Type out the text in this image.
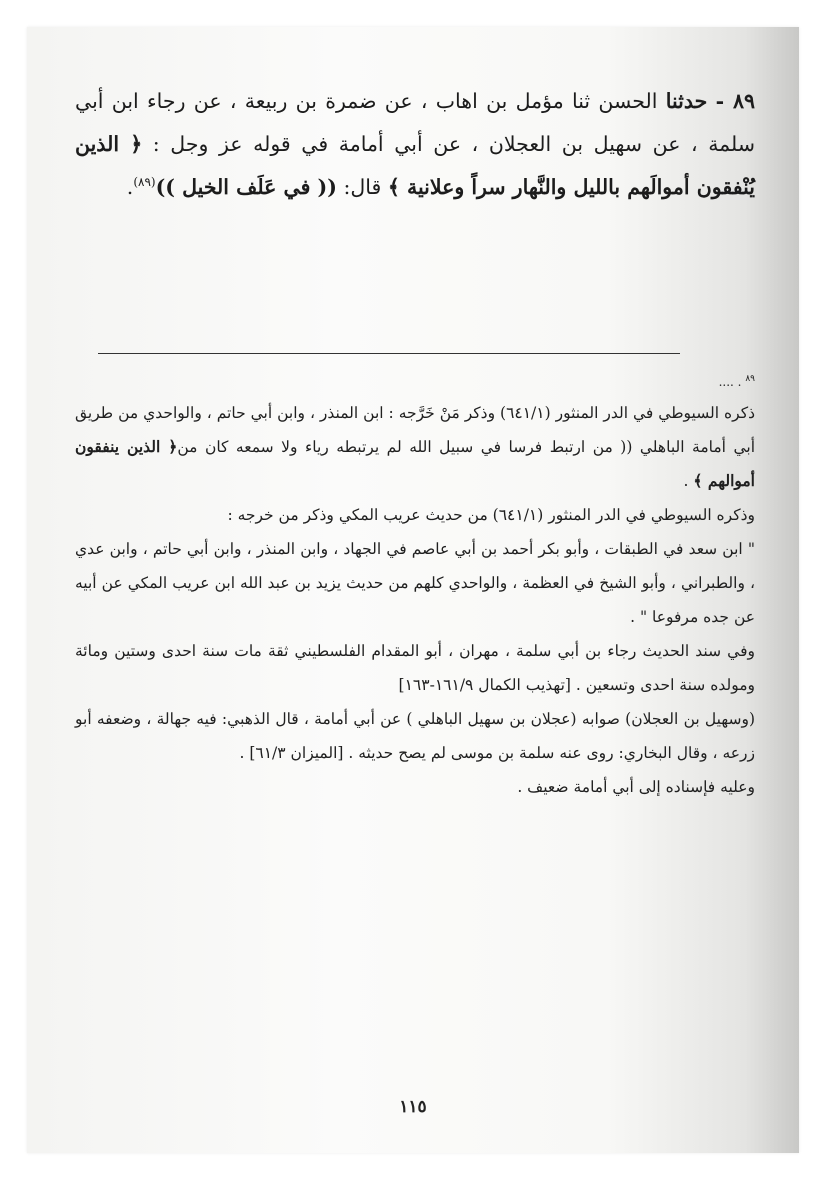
٨٩ - حدثنا الحسن ثنا مؤمل بن اهاب ، عن ضمرة بن ربيعة ، عن رجاء ابن أبي سلمة ، عن سهيل بن العجلان ، عن أبي أمامة في قوله عز وجل : ﴿ الذين يُنْفقون أموالَهم بالليل والنَّهار سراً وعلانية ﴾ قال: (( في عَلَف الخيل ))$^{(٨٩)}$.

$^{٨٩}$ . ....

ذكره السيوطي في الدر المنثور (٦٤١/١) وذكر مَنْ خَرَّجه : ابن المنذر ، وابن أبي حاتم ، والواحدي من طريق أبي أمامة الباهلي (( من ارتبط فرسا في سبيل الله لم يرتبطه رياء ولا سمعه كان من﴿ الذين ينفقون أموالهم ﴾ .

وذكره السيوطي في الدر المنثور (٦٤١/١) من حديث عريب المكي وذكر من خرجه :

" ابن سعد في الطبقات ، وأبو بكر أحمد بن أبي عاصم في الجهاد ، وابن المنذر ، وابن أبي حاتم ، وابن عدي ، والطبراني ، وأبو الشيخ في العظمة ، والواحدي كلهم من حديث يزيد بن عبد الله ابن عريب المكي عن أبيه عن جده مرفوعا " .

وفي سند الحديث رجاء بن أبي سلمة ، مهران ، أبو المقدام الفلسطيني ثقة مات سنة احدى وستين ومائة ومولده سنة احدى وتسعين . [تهذيب الكمال ١٦١/٩-١٦٣]

(وسهيل بن العجلان) صوابه (عجلان بن سهيل الباهلي ) عن أبي أمامة ، قال الذهبي: فيه جهالة ، وضعفه أبو زرعه ، وقال البخاري: روى عنه سلمة بن موسى لم يصح حديثه . [الميزان ٦١/٣] .

وعليه فإسناده إلى أبي أمامة ضعيف .

١١٥
